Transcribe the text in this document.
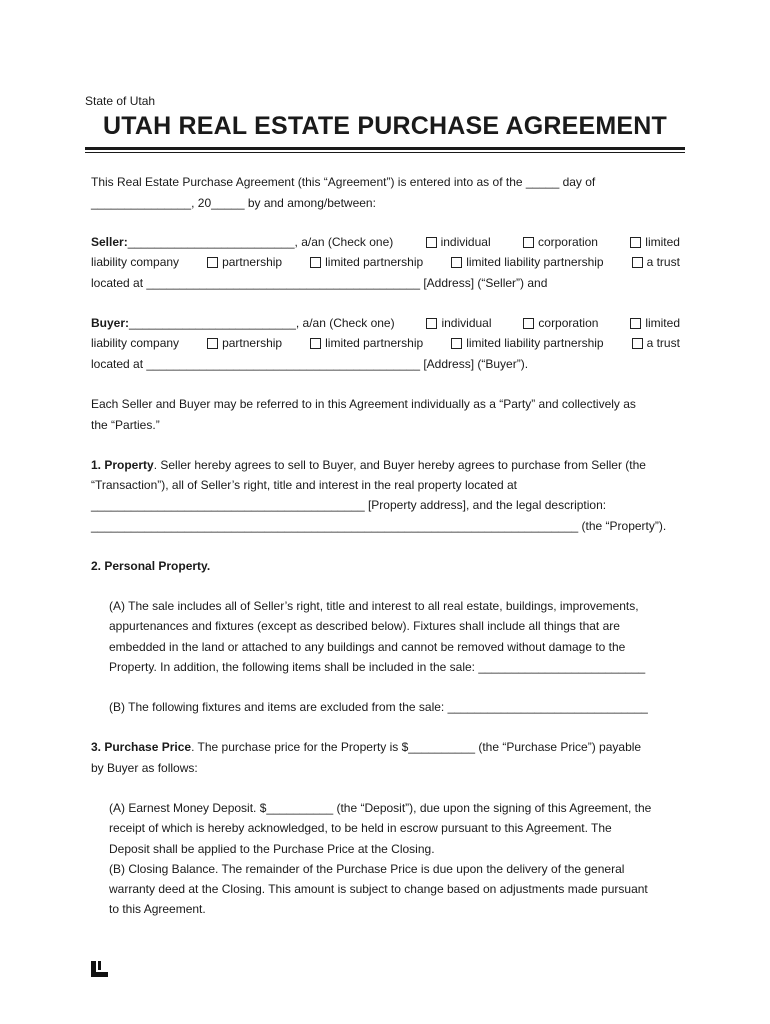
State of Utah
UTAH REAL ESTATE PURCHASE AGREEMENT
This Real Estate Purchase Agreement (this “Agreement”) is entered into as of the _____ day of
_______________, 20_____ by and among/between:
Seller: _________________________, a/an (Check one)	individual	corporation	limited
liability company	partnership	limited partnership	limited liability partnership	a trust
located at _________________________________________ [Address] (“Seller”) and
Buyer: _________________________, a/an (Check one)	individual	corporation	limited
liability company	partnership	limited partnership	limited liability partnership	a trust
located at _________________________________________ [Address] (“Buyer”).
Each Seller and Buyer may be referred to in this Agreement individually as a “Party” and collectively as
the “Parties.”
1. Property. Seller hereby agrees to sell to Buyer, and Buyer hereby agrees to purchase from Seller (the
“Transaction”), all of Seller’s right, title and interest in the real property located at
_________________________________________ [Property address], and the legal description:
_________________________________________________________________________ (the “Property”).
2. Personal Property.
(A) The sale includes all of Seller’s right, title and interest to all real estate, buildings, improvements,
appurtenances and fixtures (except as described below). Fixtures shall include all things that are
embedded in the land or attached to any buildings and cannot be removed without damage to the
Property. In addition, the following items shall be included in the sale: _________________________
(B) The following fixtures and items are excluded from the sale: ______________________________
3. Purchase Price. The purchase price for the Property is $__________ (the “Purchase Price”) payable
by Buyer as follows:
(A) Earnest Money Deposit. $__________ (the “Deposit”), due upon the signing of this Agreement, the
receipt of which is hereby acknowledged, to be held in escrow pursuant to this Agreement. The
Deposit shall be applied to the Purchase Price at the Closing.
(B) Closing Balance. The remainder of the Purchase Price is due upon the delivery of the general
warranty deed at the Closing. This amount is subject to change based on adjustments made pursuant
to this Agreement.
